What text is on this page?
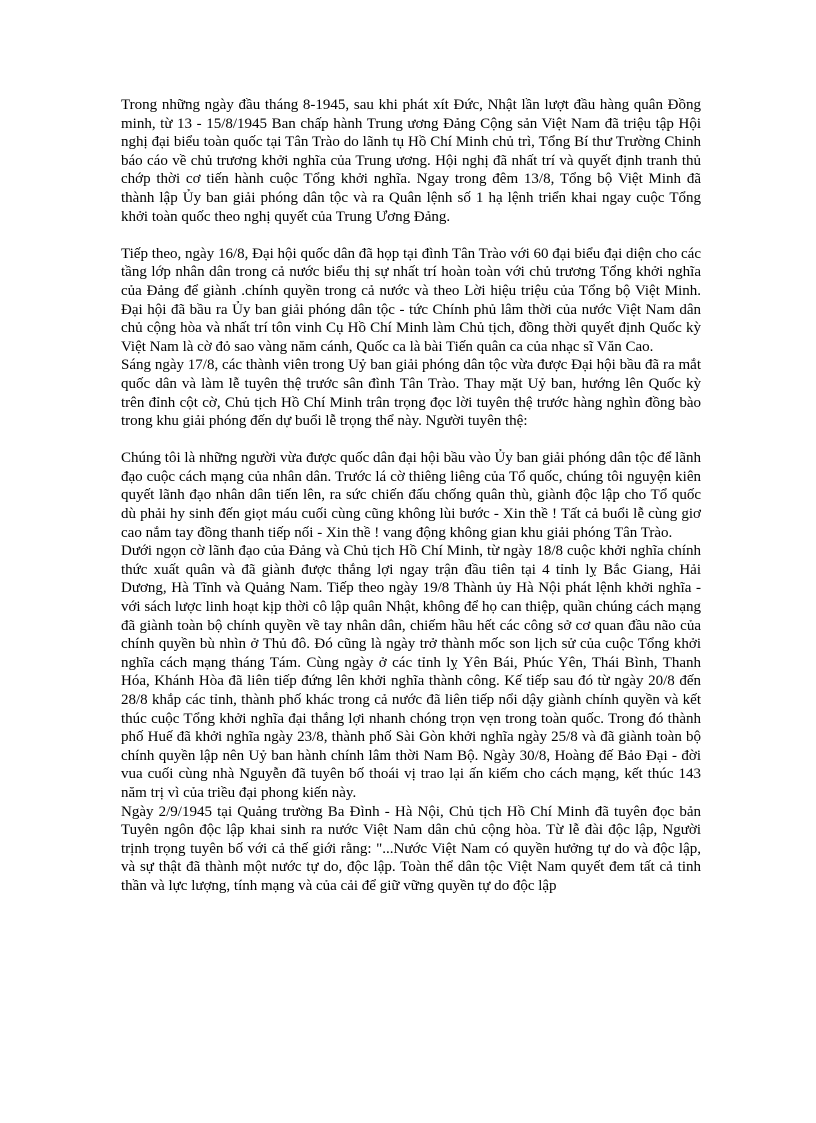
Trong những ngày đầu tháng 8-1945, sau khi phát xít Đức, Nhật lần lượt đầu hàng quân Đồng minh, từ 13 - 15/8/1945 Ban chấp hành Trung ương Đảng Cộng sản Việt Nam đã triệu tập Hội nghị đại biểu toàn quốc tại Tân Trào do lãnh tụ Hồ Chí Minh chủ trì, Tổng Bí thư Trường Chinh báo cáo về chủ trương khởi nghĩa của Trung ương. Hội nghị đã nhất trí và quyết định tranh thủ chớp thời cơ tiến hành cuộc Tổng khởi nghĩa. Ngay trong đêm 13/8, Tổng bộ Việt Minh đã thành lập Ủy ban giải phóng dân tộc và ra Quân lệnh số 1 hạ lệnh triển khai ngay cuộc Tổng khởi toàn quốc theo nghị quyết của Trung Ương Đảng.

Tiếp theo, ngày 16/8, Đại hội quốc dân đã họp tại đình Tân Trào với 60 đại biểu đại diện cho các tầng lớp nhân dân trong cả nước biểu thị sự nhất trí hoàn toàn với chủ trương Tổng khởi nghĩa của Đảng để giành .chính quyền trong cả nước và theo Lời hiệu triệu của Tổng bộ Việt Minh. Đại hội đã bầu ra Ủy ban giải phóng dân tộc - tức Chính phủ lâm thời của nước Việt Nam dân chủ cộng hòa và nhất trí tôn vinh Cụ Hồ Chí Minh làm Chủ tịch, đồng thời quyết định Quốc kỳ Việt Nam là cờ đỏ sao vàng năm cánh, Quốc ca là bài Tiến quân ca của nhạc sĩ Văn Cao.

Sáng ngày 17/8, các thành viên trong Uỷ ban giải phóng dân tộc vừa được Đại hội bầu đã ra mắt quốc dân và làm lễ tuyên thệ trước sân đình Tân Trào. Thay mặt Uỷ ban, hướng lên Quốc kỳ trên đỉnh cột cờ, Chủ tịch Hồ Chí Minh trân trọng đọc lời tuyên thệ trước hàng nghìn đồng bào trong khu giải phóng đến dự buổi lễ trọng thể này. Người tuyên thệ:

Chúng tôi là những người vừa được quốc dân đại hội bầu vào Ủy ban giải phóng dân tộc để lãnh đạo cuộc cách mạng của nhân dân. Trước lá cờ thiêng liêng của Tổ quốc, chúng tôi nguyện kiên quyết lãnh đạo nhân dân tiến lên, ra sức chiến đấu chống quân thù, giành độc lập cho Tổ quốc dù phải hy sinh đến giọt máu cuối cùng cũng không lùi bước - Xin thề ! Tất cả buổi lễ cùng giơ cao nắm tay đồng thanh tiếp nối - Xin thề ! vang động không gian khu giải phóng Tân Trào.

Dưới ngọn cờ lãnh đạo của Đảng và Chủ tịch Hồ Chí Minh, từ ngày 18/8 cuộc khởi nghĩa chính thức xuất quân và đã giành được thắng lợi ngay trận đầu tiên tại 4 tỉnh lỵ Bắc Giang, Hải Dương, Hà Tĩnh và Quảng Nam. Tiếp theo ngày 19/8 Thành ủy Hà Nội phát lệnh khởi nghĩa - với sách lược linh hoạt kịp thời cô lập quân Nhật, không để họ can thiệp, quần chúng cách mạng đã giành toàn bộ chính quyền về tay nhân dân, chiếm hầu hết các công sở cơ quan đầu não của chính quyền bù nhìn ở Thủ đô. Đó cũng là ngày trở thành mốc son lịch sử của cuộc Tổng khởi nghĩa cách mạng tháng Tám. Cùng ngày ở các tỉnh lỵ Yên Bái, Phúc Yên, Thái Bình, Thanh Hóa, Khánh Hòa đã liên tiếp đứng lên khởi nghĩa thành công. Kế tiếp sau đó từ ngày 20/8 đến 28/8 khắp các tỉnh, thành phố khác trong cả nước đã liên tiếp nổi dậy giành chính quyền và kết thúc cuộc Tổng khởi nghĩa đại thắng lợi nhanh chóng trọn vẹn trong toàn quốc. Trong đó thành phố Huế đã khởi nghĩa ngày 23/8, thành phố Sài Gòn khởi nghĩa ngày 25/8 và đã giành toàn bộ chính quyền lập nên Uỷ ban hành chính lâm thời Nam Bộ. Ngày 30/8, Hoàng đế Bảo Đại - đời vua cuối cùng nhà Nguyễn đã tuyên bố thoái vị trao lại ấn kiếm cho cách mạng, kết thúc 143 năm trị vì của triều đại phong kiến này.

Ngày 2/9/1945 tại Quảng trường Ba Đình - Hà Nội, Chủ tịch Hồ Chí Minh đã tuyên đọc bản Tuyên ngôn độc lập khai sinh ra nước Việt Nam dân chủ cộng hòa. Từ lễ đài độc lập, Người trịnh trọng tuyên bố với cả thế giới rằng: "...Nước Việt Nam có quyền hưởng tự do và độc lập, và sự thật đã thành một nước tự do, độc lập. Toàn thể dân tộc Việt Nam quyết đem tất cả tinh thần và lực lượng, tính mạng và của cải để giữ vững quyền tự do độc lập
